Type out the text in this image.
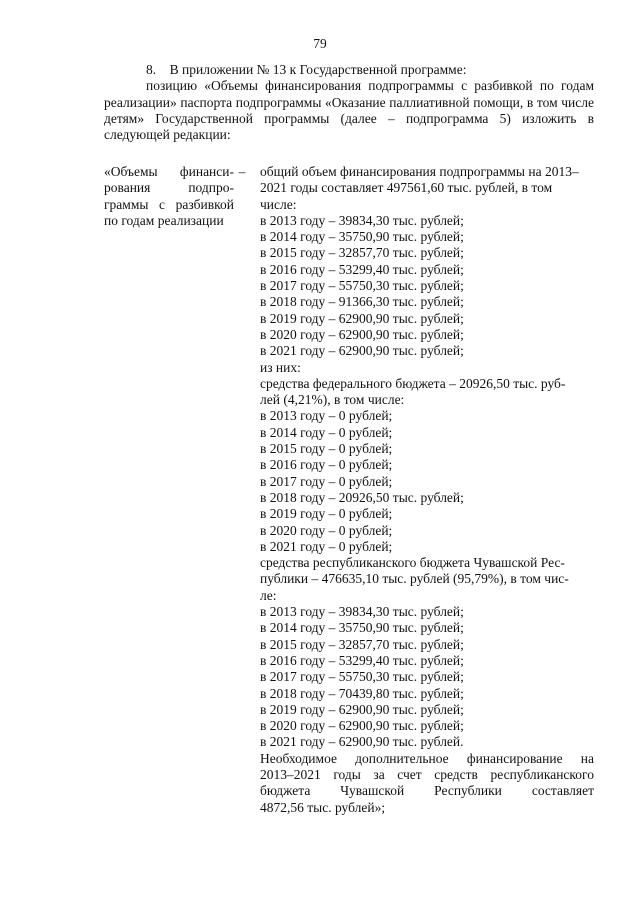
79

8. В приложении № 13 к Государственной программе:

позицию «Объемы финансирования подпрограммы с разбивкой по годам реализации» паспорта подпрограммы «Оказание паллиативной помощи, в том числе детям» Государственной программы (далее – подпрограмма 5) изложить в следующей редакции:

«Объемы финанси-
рования подпро-
граммы с разбивкой
по годам реализации
– общий объем финансирования подпрограммы на 2013–
2021 годы составляет 497561,60 тыс. рублей, в том
числе:
в 2013 году – 39834,30 тыс. рублей;
в 2014 году – 35750,90 тыс. рублей;
в 2015 году – 32857,70 тыс. рублей;
в 2016 году – 53299,40 тыс. рублей;
в 2017 году – 55750,30 тыс. рублей;
в 2018 году – 91366,30 тыс. рублей;
в 2019 году – 62900,90 тыс. рублей;
в 2020 году – 62900,90 тыс. рублей;
в 2021 году – 62900,90 тыс. рублей;
из них:
средства федерального бюджета – 20926,50 тыс. руб-
лей (4,21%), в том числе:
в 2013 году – 0 рублей;
в 2014 году – 0 рублей;
в 2015 году – 0 рублей;
в 2016 году – 0 рублей;
в 2017 году – 0 рублей;
в 2018 году – 20926,50 тыс. рублей;
в 2019 году – 0 рублей;
в 2020 году – 0 рублей;
в 2021 году – 0 рублей;
средства республиканского бюджета Чувашской Рес-
публики – 476635,10 тыс. рублей (95,79%), в том чис-
ле:
в 2013 году – 39834,30 тыс. рублей;
в 2014 году – 35750,90 тыс. рублей;
в 2015 году – 32857,70 тыс. рублей;
в 2016 году – 53299,40 тыс. рублей;
в 2017 году – 55750,30 тыс. рублей;
в 2018 году – 70439,80 тыс. рублей;
в 2019 году – 62900,90 тыс. рублей;
в 2020 году – 62900,90 тыс. рублей;
в 2021 году – 62900,90 тыс. рублей.
Необходимое дополнительное финансирование на
2013–2021 годы за счет средств республиканского
бюджета Чувашской Республики составляет
4872,56 тыс. рублей»;
